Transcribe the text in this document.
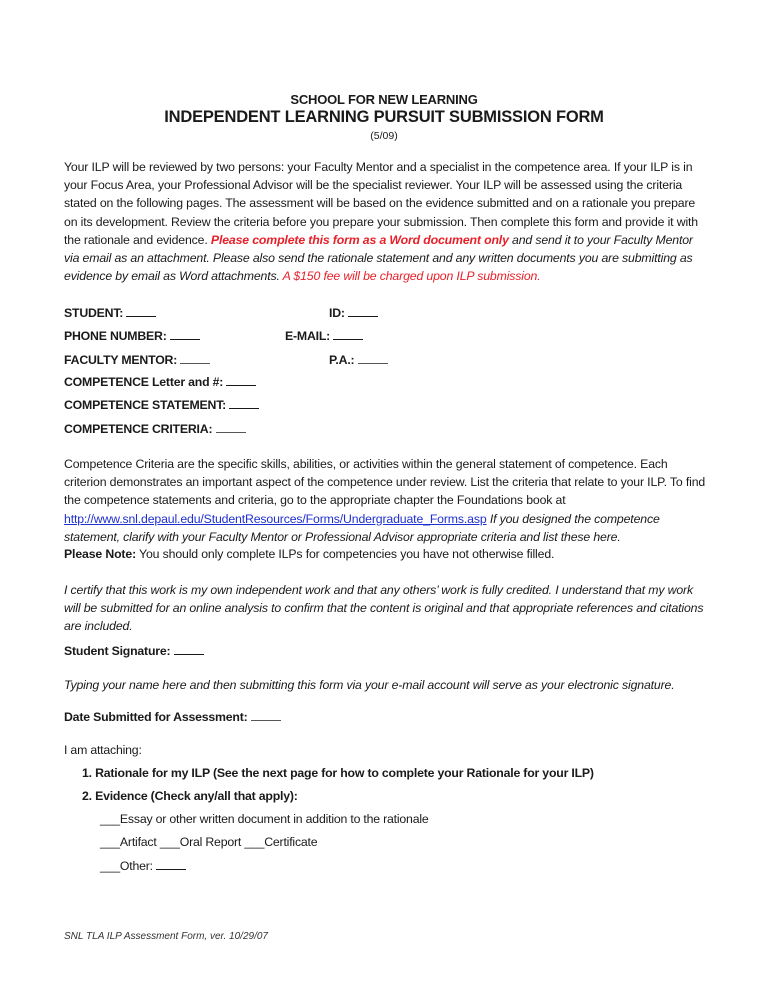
SCHOOL FOR NEW LEARNING
INDEPENDENT LEARNING PURSUIT SUBMISSION FORM
(5/09)
Your ILP will be reviewed by two persons: your Faculty Mentor and a specialist in the competence area. If your ILP is in your Focus Area, your Professional Advisor will be the specialist reviewer. Your ILP will be assessed using the criteria stated on the following pages. The assessment will be based on the evidence submitted and on a rationale you prepare on its development. Review the criteria before you prepare your submission. Then complete this form and provide it with the rationale and evidence. Please complete this form as a Word document only and send it to your Faculty Mentor via email as an attachment. Please also send the rationale statement and any written documents you are submitting as evidence by email as Word attachments. A $150 fee will be charged upon ILP submission.
STUDENT:	ID:
PHONE NUMBER:	E-MAIL:
FACULTY MENTOR:	P.A.:
COMPETENCE Letter and #:
COMPETENCE STATEMENT:
COMPETENCE CRITERIA:
Competence Criteria are the specific skills, abilities, or activities within the general statement of competence. Each criterion demonstrates an important aspect of the competence under review. List the criteria that relate to your ILP. To find the competence statements and criteria, go to the appropriate chapter the Foundations book at http://www.snl.depaul.edu/StudentResources/Forms/Undergraduate_Forms.asp If you designed the competence statement, clarify with your Faculty Mentor or Professional Advisor appropriate criteria and list these here.
Please Note: You should only complete ILPs for competencies you have not otherwise filled.
I certify that this work is my own independent work and that any others’ work is fully credited. I understand that my work will be submitted for an online analysis to confirm that the content is original and that appropriate references and citations are included.
Student Signature:
Typing your name here and then submitting this form via your e-mail account will serve as your electronic signature.
Date Submitted for Assessment:
I am attaching:
1. Rationale for my ILP (See the next page for how to complete your Rationale for your ILP)
2. Evidence (Check any/all that apply):
___Essay or other written document in addition to the rationale
___Artifact ___Oral Report ___Certificate
___Other:
SNL TLA ILP Assessment Form, ver. 10/29/07
